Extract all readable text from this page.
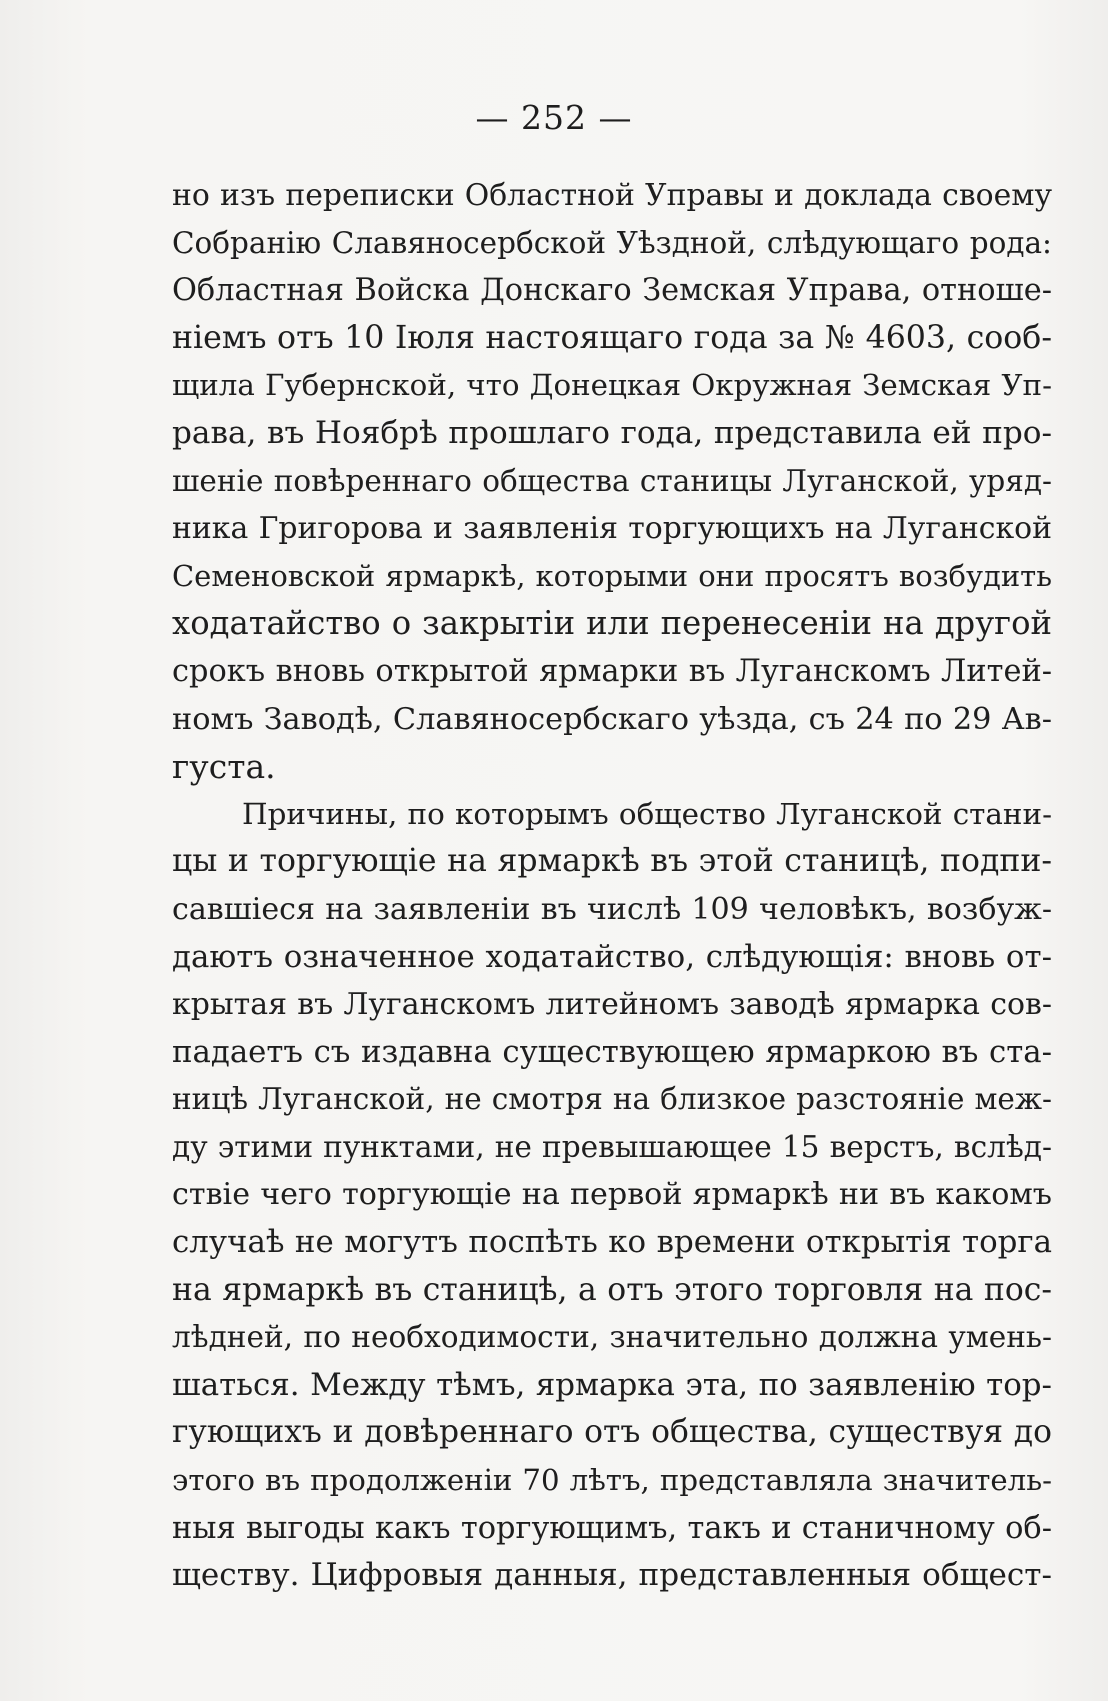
— 252 —
но изъ переписки Областной Управы и доклада своему
Собранію Славяносербской Уѣздной, слѣдующаго рода:
Областная Войска Донскаго Земская Управа, отноше-
ніемъ отъ 10 Іюля настоящаго года за № 4603, сооб-
щила Губернской, что Донецкая Окружная Земская Уп-
рава, въ Ноябрѣ прошлаго года, представила ей про-
шеніе повѣреннаго общества станицы Луганской, уряд-
ника Григорова и заявленія торгующихъ на Луганской
Семеновской ярмаркѣ, которыми они просятъ возбудить
ходатайство о закрытіи или перенесеніи на другой
срокъ вновь открытой ярмарки въ Луганскомъ Литей-
номъ Заводѣ, Славяносербскаго уѣзда, съ 24 по 29 Ав-
густа.
Причины, по которымъ общество Луганской стани-
цы и торгующіе на ярмаркѣ въ этой станицѣ, подпи-
савшіеся на заявленіи въ числѣ 109 человѣкъ, возбуж-
даютъ означенное ходатайство, слѣдующія: вновь от-
крытая въ Луганскомъ литейномъ заводѣ ярмарка сов-
падаетъ съ издавна существующею ярмаркою въ ста-
ницѣ Луганской, не смотря на близкое разстояніе меж-
ду этими пунктами, не превышающее 15 верстъ, вслѣд-
ствіе чего торгующіе на первой ярмаркѣ ни въ какомъ
случаѣ не могутъ поспѣть ко времени открытія торга
на ярмаркѣ въ станицѣ, а отъ этого торговля на пос-
лѣдней, по необходимости, значительно должна умень-
шаться. Между тѣмъ, ярмарка эта, по заявленію тор-
гующихъ и довѣреннаго отъ общества, существуя до
этого въ продолженіи 70 лѣтъ, представляла значитель-
ныя выгоды какъ торгующимъ, такъ и станичному об-
ществу. Цифровыя данныя, представленныя общест-
